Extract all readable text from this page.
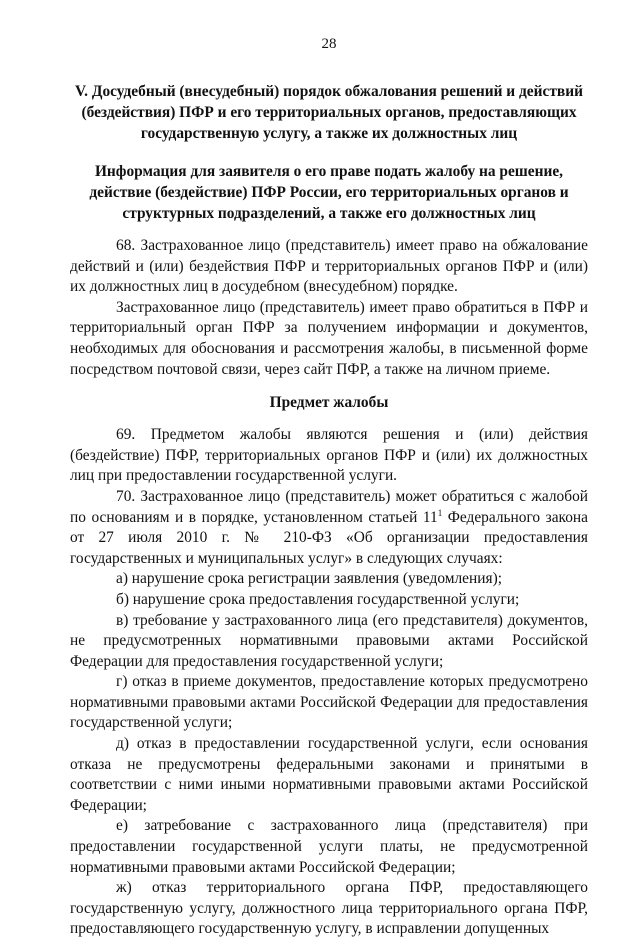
28
V. Досудебный (внесудебный) порядок обжалования решений и действий (бездействия) ПФР и его территориальных органов, предоставляющих государственную услугу, а также их должностных лиц
Информация для заявителя о его праве подать жалобу на решение, действие (бездействие) ПФР России, его территориальных органов и структурных подразделений, а также его должностных лиц

68. Застрахованное лицо (представитель) имеет право на обжалование действий и (или) бездействия ПФР и территориальных органов ПФР и (или) их должностных лиц в досудебном (внесудебном) порядке.

Застрахованное лицо (представитель) имеет право обратиться в ПФР и территориальный орган ПФР за получением информации и документов, необходимых для обоснования и рассмотрения жалобы, в письменной форме посредством почтовой связи, через сайт ПФР, а также на личном приеме.

Предмет жалобы

69. Предметом жалобы являются решения и (или) действия (бездействие) ПФР, территориальных органов ПФР и (или) их должностных лиц при предоставлении государственной услуги.

70. Застрахованное лицо (представитель) может обратиться с жалобой по основаниям и в порядке, установленном статьей $11^1$ Федерального закона от 27 июля 2010 г. № 210-ФЗ «Об организации предоставления государственных и муниципальных услуг» в следующих случаях:

а) нарушение срока регистрации заявления (уведомления);

б) нарушение срока предоставления государственной услуги;

в) требование у застрахованного лица (его представителя) документов, не предусмотренных нормативными правовыми актами Российской Федерации для предоставления государственной услуги;

г) отказ в приеме документов, предоставление которых предусмотрено нормативными правовыми актами Российской Федерации для предоставления государственной услуги;

д) отказ в предоставлении государственной услуги, если основания отказа не предусмотрены федеральными законами и принятыми в соответствии с ними иными нормативными правовыми актами Российской Федерации;

е) затребование с застрахованного лица (представителя) при предоставлении государственной услуги платы, не предусмотренной нормативными правовыми актами Российской Федерации;

ж) отказ территориального органа ПФР, предоставляющего государственную услугу, должностного лица территориального органа ПФР, предоставляющего государственную услугу, в исправлении допущенных
